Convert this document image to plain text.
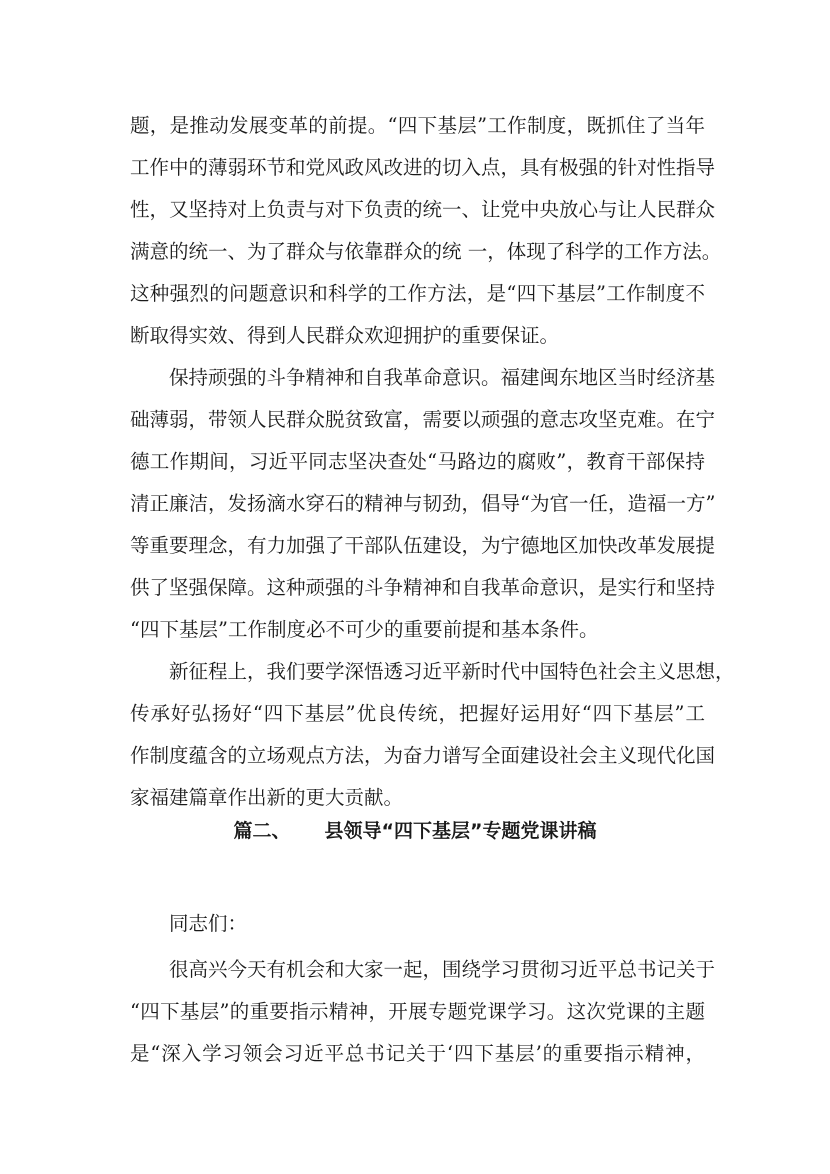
题，是推动发展变革的前提。“四下基层”工作制度，既抓住了当年
工作中的薄弱环节和党风政风改进的切入点，具有极强的针对性指导
性，又坚持对上负责与对下负责的统一、让党中央放心与让人民群众
满意的统一、为了群众与依靠群众的统 一，体现了科学的工作方法。
这种强烈的问题意识和科学的工作方法，是“四下基层”工作制度不
断取得实效、得到人民群众欢迎拥护的重要保证。
保持顽强的斗争精神和自我革命意识。福建闽东地区当时经济基
础薄弱，带领人民群众脱贫致富，需要以顽强的意志攻坚克难。在宁
德工作期间，习近平同志坚决查处“马路边的腐败”，教育干部保持
清正廉洁，发扬滴水穿石的精神与韧劲，倡导“为官一任，造福一方”
等重要理念，有力加强了干部队伍建设，为宁德地区加快改革发展提
供了坚强保障。这种顽强的斗争精神和自我革命意识，是实行和坚持
“四下基层”工作制度必不可少的重要前提和基本条件。
新征程上，我们要学深悟透习近平新时代中国特色社会主义思想，
传承好弘扬好“四下基层”优良传统，把握好运用好“四下基层”工
作制度蕴含的立场观点方法，为奋力谱写全面建设社会主义现代化国
家福建篇章作出新的更大贡献。
篇二、 县领导“四下基层”专题党课讲稿
同志们：
很高兴今天有机会和大家一起，围绕学习贯彻习近平总书记关于
“四下基层”的重要指示精神，开展专题党课学习。这次党课的主题
是“深入学习领会习近平总书记关于‘四下基层’的重要指示精神，
